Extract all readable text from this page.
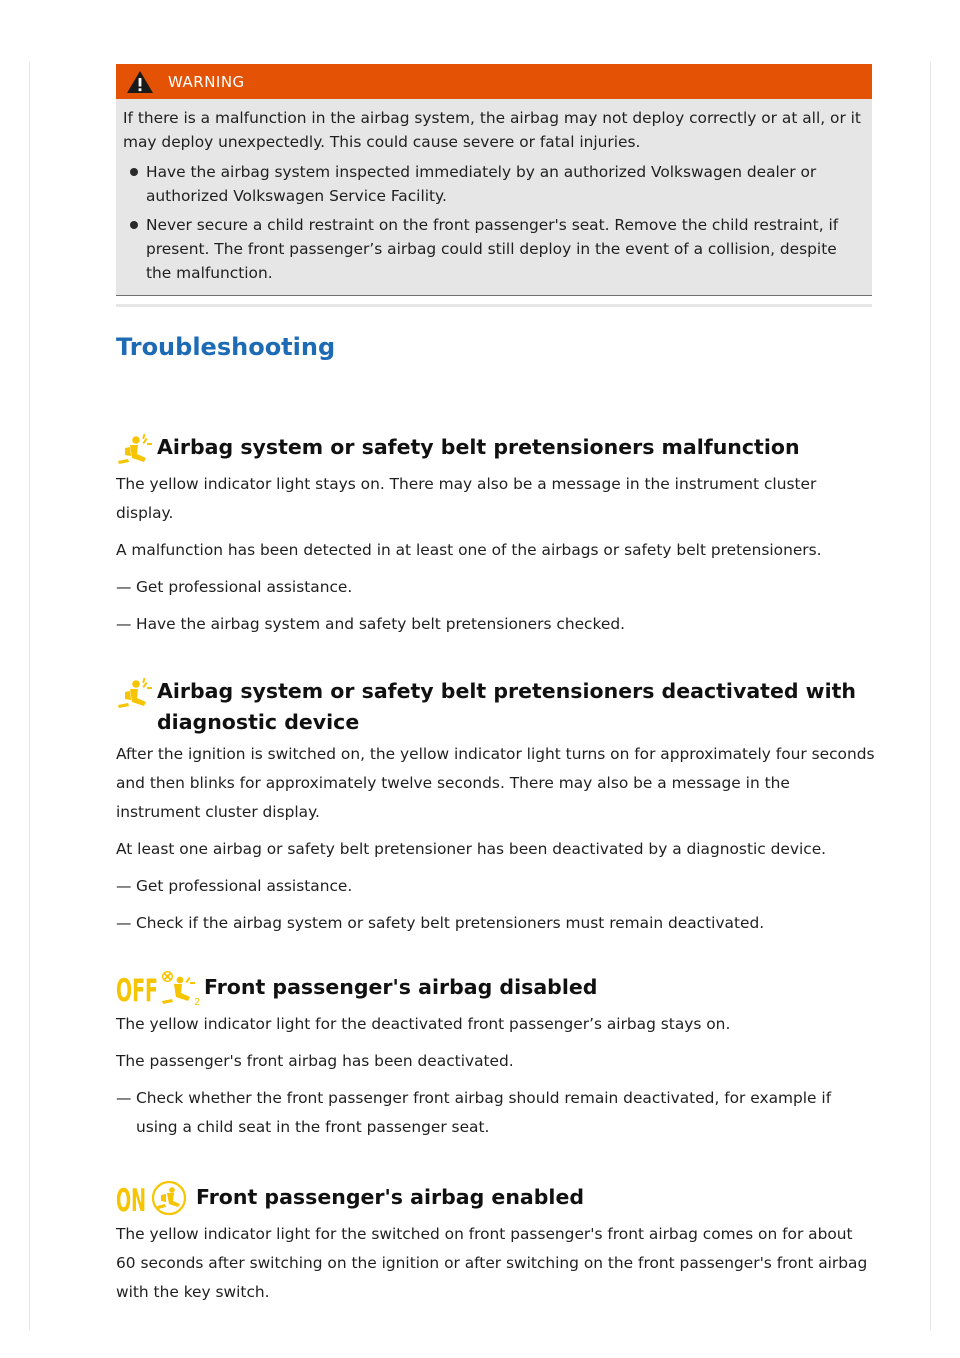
WARNING

If there is a malfunction in the airbag system, the airbag may not deploy correctly or at all, or it may deploy unexpectedly. This could cause severe or fatal injuries.

Have the airbag system inspected immediately by an authorized Volkswagen dealer or authorized Volkswagen Service Facility.
Never secure a child restraint on the front passenger's seat. Remove the child restraint, if present. The front passenger’s airbag could still deploy in the event of a collision, despite the malfunction.
Troubleshooting
Airbag system or safety belt pretensioners malfunction

The yellow indicator light stays on. There may also be a message in the instrument cluster display.

A malfunction has been detected in at least one of the airbags or safety belt pretensioners.

— Get professional assistance.
— Have the airbag system and safety belt pretensioners checked.
Airbag system or safety belt pretensioners deactivated with diagnostic device

After the ignition is switched on, the yellow indicator light turns on for approximately four seconds and then blinks for approximately twelve seconds. There may also be a message in the instrument cluster display.

At least one airbag or safety belt pretensioner has been deactivated by a diagnostic device.

— Get professional assistance.
— Check if the airbag system or safety belt pretensioners must remain deactivated.
OFF	2
Front passenger's airbag disabled

The yellow indicator light for the deactivated front passenger’s airbag stays on.

The passenger's front airbag has been deactivated.

— Check whether the front passenger front airbag should remain deactivated, for example if using a child seat in the front passenger seat.
ON Front passenger's airbag enabled

The yellow indicator light for the switched on front passenger's front airbag comes on for about 60 seconds after switching on the ignition or after switching on the front passenger's front airbag with the key switch.
